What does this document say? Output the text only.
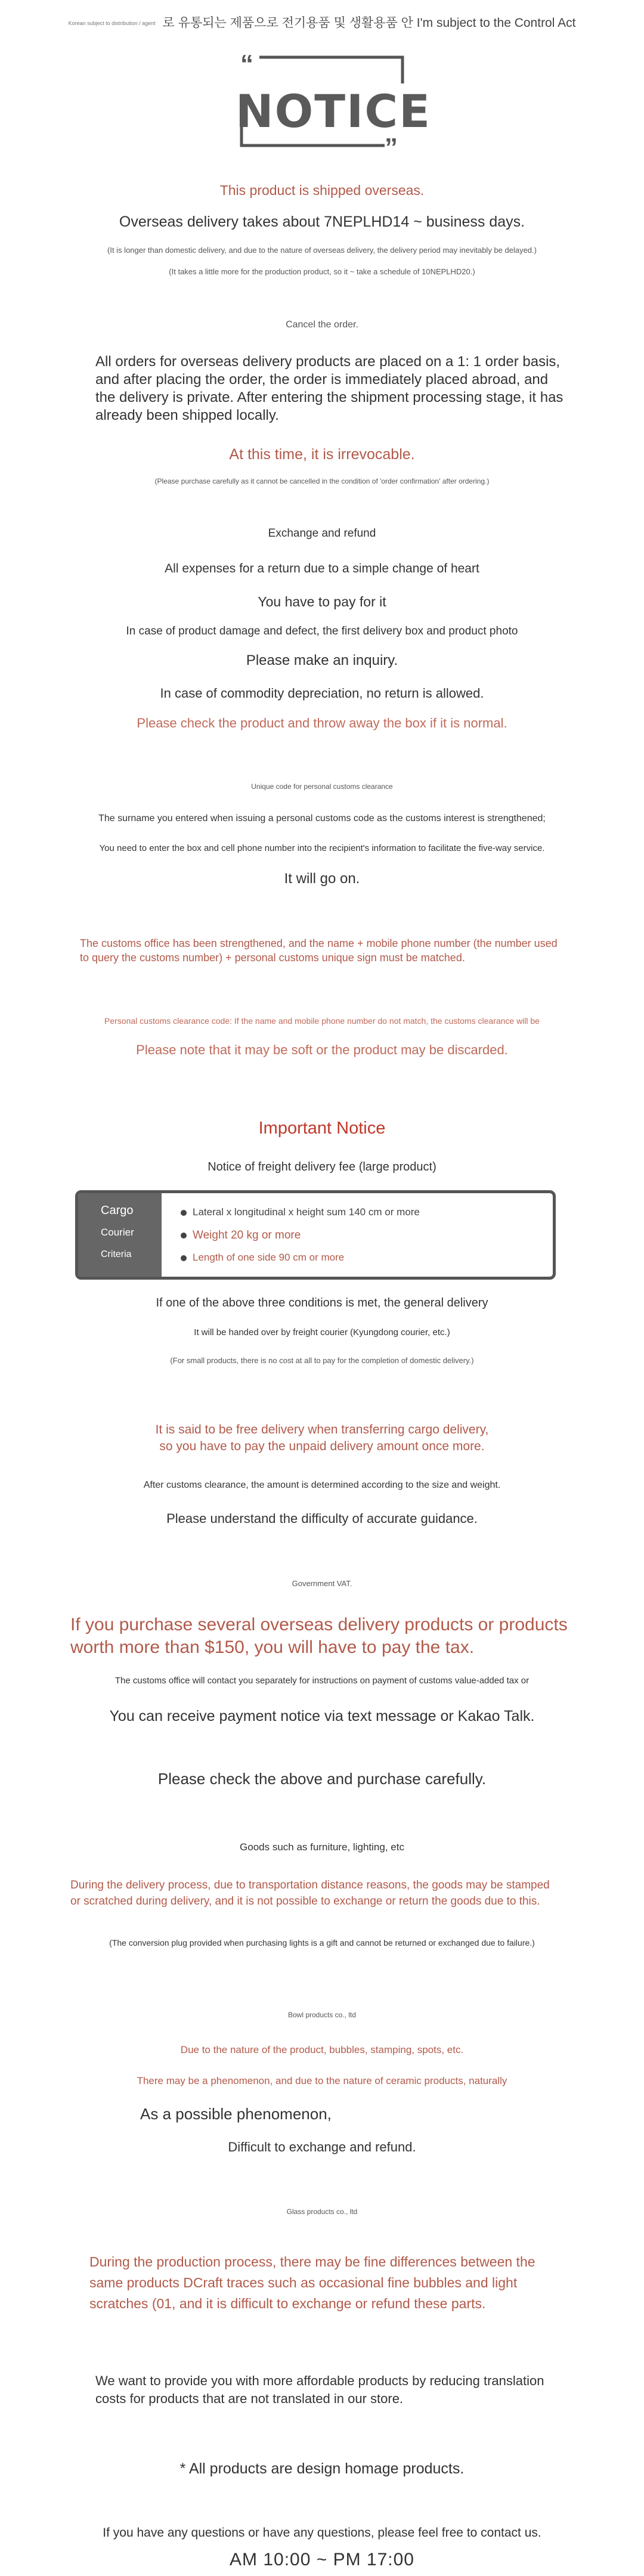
Korean subject to distribution / agent 로 유통되는 제품으로 전기용품 및 생활용품 안 I'm subject to the Control Act
“
NOTICE
”
This product is shipped overseas.
Overseas delivery takes about 7NEPLHD14 ~ business days.
(It is longer than domestic delivery, and due to the nature of overseas delivery, the delivery period may inevitably be delayed.)
(It takes a little more for the production product, so it ~ take a schedule of 10NEPLHD20.)
Cancel the order.
All orders for overseas delivery products are placed on a 1: 1 order basis, and after placing the order, the order is immediately placed abroad, and the delivery is private. After entering the shipment processing stage, it has already been shipped locally.
At this time, it is irrevocable.
(Please purchase carefully as it cannot be cancelled in the condition of 'order confirmation' after ordering.)
Exchange and refund
All expenses for a return due to a simple change of heart
You have to pay for it
In case of product damage and defect, the first delivery box and product photo
Please make an inquiry.
In case of commodity depreciation, no return is allowed.
Please check the product and throw away the box if it is normal.
Unique code for personal customs clearance
The surname you entered when issuing a personal customs code as the customs interest is strengthened;
You need to enter the box and cell phone number into the recipient's information to facilitate the five-way service.
It will go on.
The customs office has been strengthened, and the name + mobile phone number (the number used to query the customs number) + personal customs unique sign must be matched.
Personal customs clearance code: If the name and mobile phone number do not match, the customs clearance will be
Please note that it may be soft or the product may be discarded.
Important Notice
Notice of freight delivery fee (large product)
Cargo
Courier
Criteria
Lateral x longitudinal x height sum 140 cm or more
Weight 20 kg or more
Length of one side 90 cm or more
If one of the above three conditions is met, the general delivery
It will be handed over by freight courier (Kyungdong courier, etc.)
(For small products, there is no cost at all to pay for the completion of domestic delivery.)
It is said to be free delivery when transferring cargo delivery,
so you have to pay the unpaid delivery amount once more.
After customs clearance, the amount is determined according to the size and weight.
Please understand the difficulty of accurate guidance.
Government VAT.
If you purchase several overseas delivery products or products worth more than $150, you will have to pay the tax.
The customs office will contact you separately for instructions on payment of customs value-added tax or
You can receive payment notice via text message or Kakao Talk.
Please check the above and purchase carefully.
Goods such as furniture, lighting, etc
During the delivery process, due to transportation distance reasons, the goods may be stamped or scratched during delivery, and it is not possible to exchange or return the goods due to this.
(The conversion plug provided when purchasing lights is a gift and cannot be returned or exchanged due to failure.)
Bowl products co., ltd
Due to the nature of the product, bubbles, stamping, spots, etc.
There may be a phenomenon, and due to the nature of ceramic products, naturally
As a possible phenomenon,
Difficult to exchange and refund.
Glass products co., ltd
During the production process, there may be fine differences between the same products DCraft traces such as occasional fine bubbles and light scratches (01, and it is difficult to exchange or refund these parts.
We want to provide you with more affordable products by reducing translation costs for products that are not translated in our store.
* All products are design homage products.
If you have any questions or have any questions, please feel free to contact us.
AM 10:00 ~ PM 17:00
